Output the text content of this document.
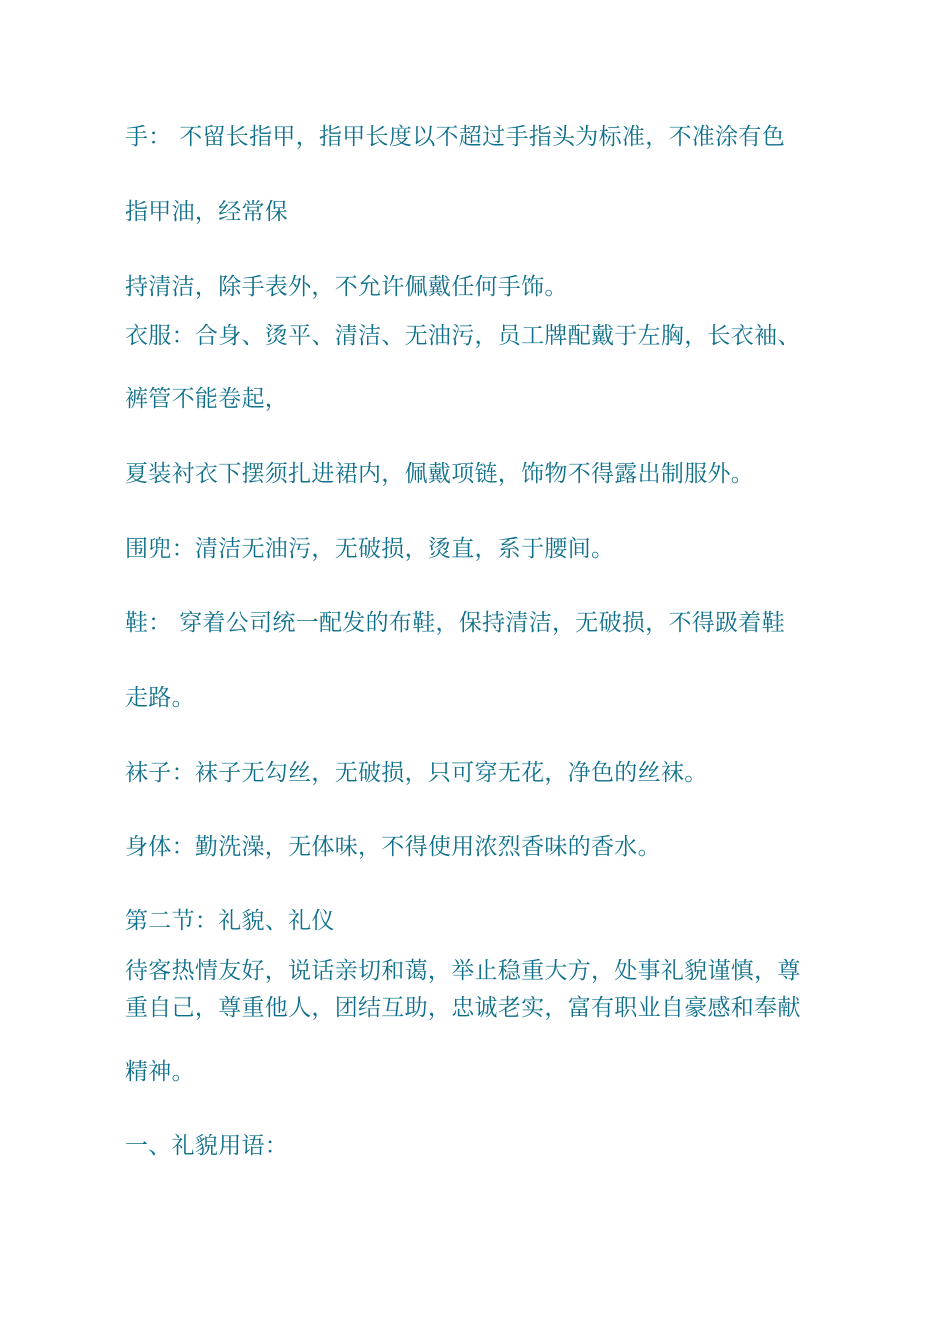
手： 不留长指甲，指甲长度以不超过手指头为标准，不准涂有色

指甲油，经常保

持清洁，除手表外，不允许佩戴任何手饰。

衣服：合身、烫平、清洁、无油污，员工牌配戴于左胸，长衣袖、

裤管不能卷起，

夏装衬衣下摆须扎进裙内，佩戴项链，饰物不得露出制服外。

围兜：清洁无油污，无破损，烫直，系于腰间。

鞋： 穿着公司统一配发的布鞋，保持清洁，无破损，不得趿着鞋

走路。

袜子：袜子无勾丝，无破损，只可穿无花，净色的丝袜。

身体：勤洗澡，无体味，不得使用浓烈香味的香水。

第二节：礼貌、礼仪

待客热情友好，说话亲切和蔼，举止稳重大方，处事礼貌谨慎，尊

重自己，尊重他人，团结互助，忠诚老实，富有职业自豪感和奉献

精神。

一、礼貌用语：
